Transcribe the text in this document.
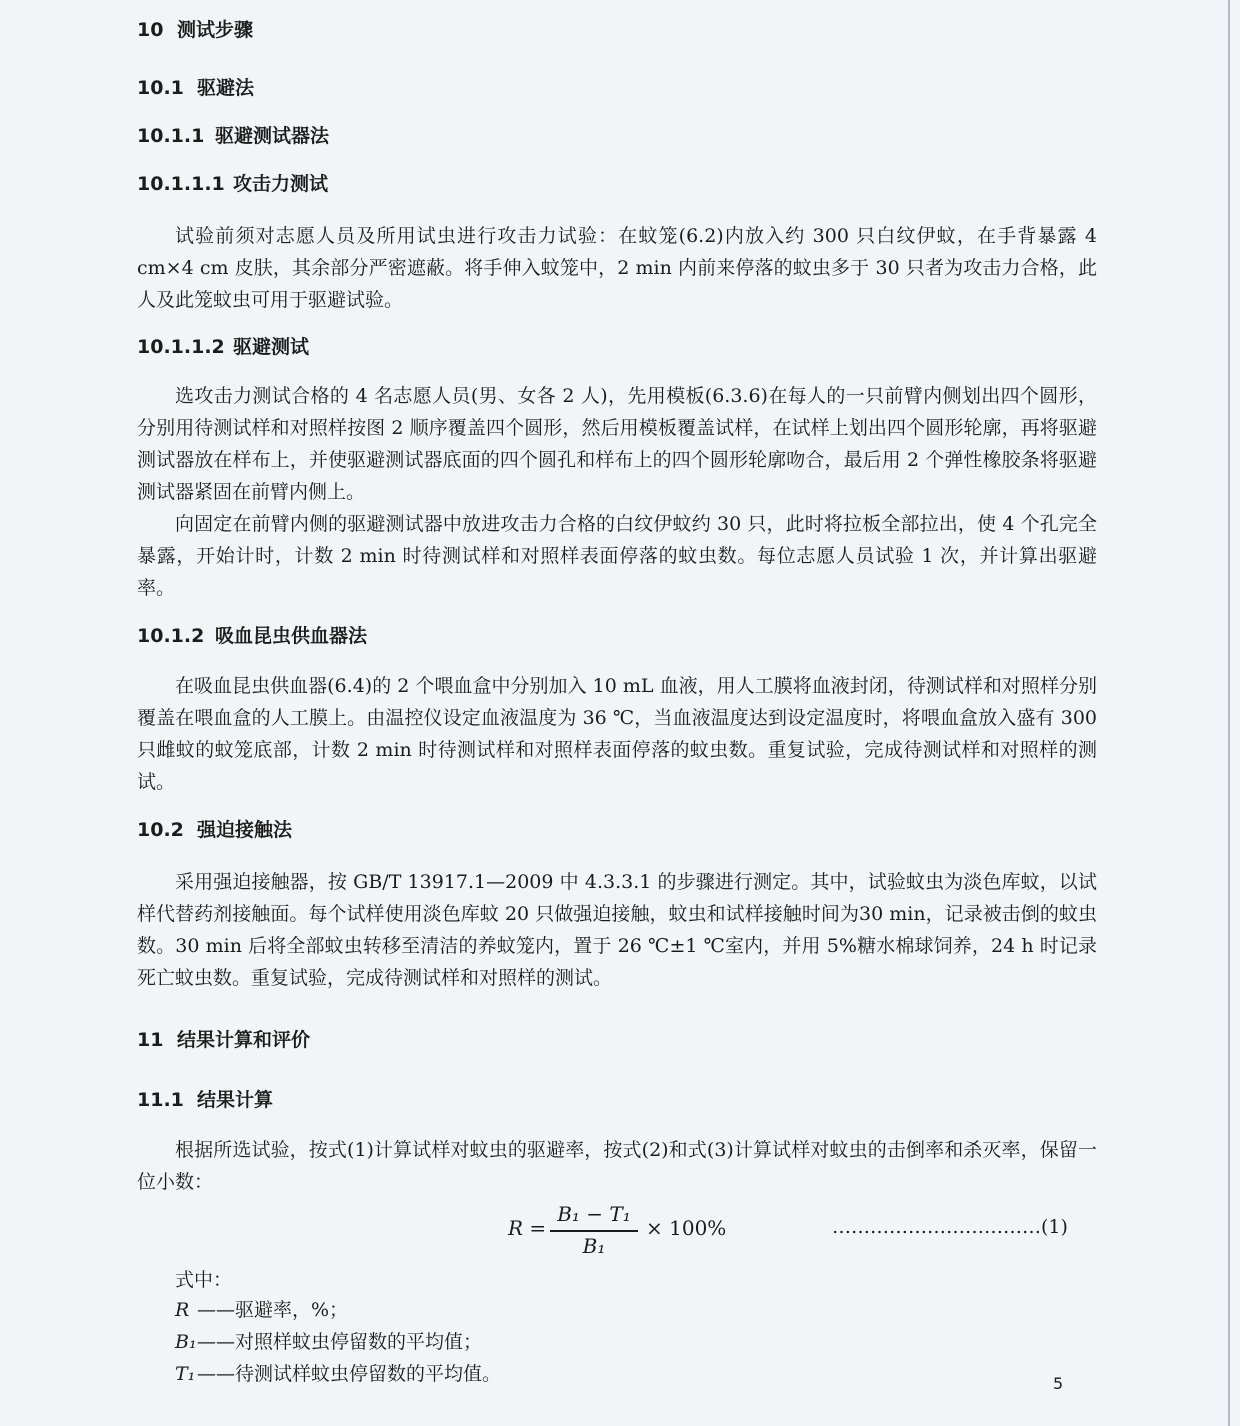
10 测试步骤
10.1 驱避法
10.1.1 驱避测试器法
10.1.1.1 攻击力测试

试验前须对志愿人员及所用试虫进行攻击力试验：在蚊笼(6.2)内放入约 300 只白纹伊蚊，在手背暴露 4 cm×4 cm 皮肤，其余部分严密遮蔽。将手伸入蚊笼中，2 min 内前来停落的蚊虫多于 30 只者为攻击力合格，此人及此笼蚊虫可用于驱避试验。

10.1.1.2 驱避测试

选攻击力测试合格的 4 名志愿人员(男、女各 2 人)，先用模板(6.3.6)在每人的一只前臂内侧划出四个圆形，分别用待测试样和对照样按图 2 顺序覆盖四个圆形，然后用模板覆盖试样，在试样上划出四个圆形轮廓，再将驱避测试器放在样布上，并使驱避测试器底面的四个圆孔和样布上的四个圆形轮廓吻合，最后用 2 个弹性橡胶条将驱避测试器紧固在前臂内侧上。

向固定在前臂内侧的驱避测试器中放进攻击力合格的白纹伊蚊约 30 只，此时将拉板全部拉出，使 4 个孔完全暴露，开始计时，计数 2 min 时待测试样和对照样表面停落的蚊虫数。每位志愿人员试验 1 次，并计算出驱避率。

10.1.2 吸血昆虫供血器法

在吸血昆虫供血器(6.4)的 2 个喂血盒中分别加入 10 mL 血液，用人工膜将血液封闭，待测试样和对照样分别覆盖在喂血盒的人工膜上。由温控仪设定血液温度为 36 ℃，当血液温度达到设定温度时，将喂血盒放入盛有 300 只雌蚊的蚊笼底部，计数 2 min 时待测试样和对照样表面停落的蚊虫数。重复试验，完成待测试样和对照样的测试。

10.2 强迫接触法

采用强迫接触器，按 GB/T 13917.1—2009 中 4.3.3.1 的步骤进行测定。其中，试验蚊虫为淡色库蚊，以试样代替药剂接触面。每个试样使用淡色库蚊 20 只做强迫接触，蚊虫和试样接触时间为30 min，记录被击倒的蚊虫数。30 min 后将全部蚊虫转移至清洁的养蚊笼内，置于 26 ℃±1 ℃室内，并用 5%糖水棉球饲养，24 h 时记录死亡蚊虫数。重复试验，完成待测试样和对照样的测试。

11 结果计算和评价
11.1 结果计算

根据所选试验，按式(1)计算试样对蚊虫的驱避率，按式(2)和式(3)计算试样对蚊虫的击倒率和杀灭率，保留一位小数：

R =
B₁ − T₁
B₁
× 100%	……………………………(1)
式中：
R ——驱避率，%；
B₁——对照样蚊虫停留数的平均值；
T₁——待测试样蚊虫停留数的平均值。	5
